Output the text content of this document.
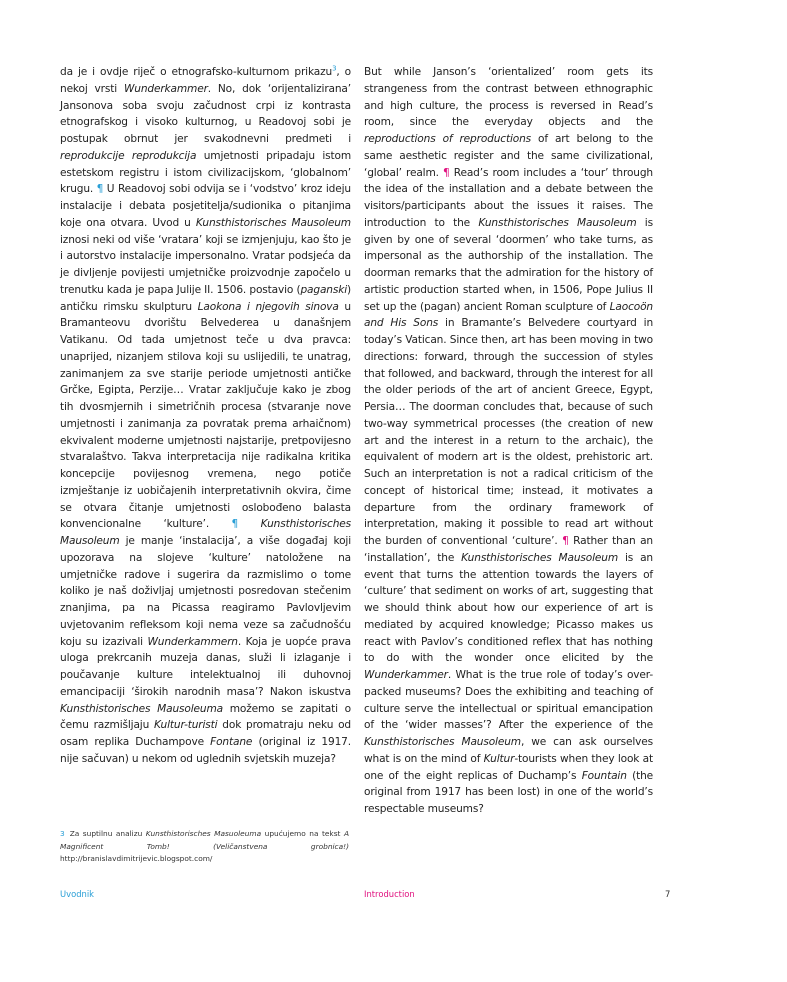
da je i ovdje riječ o etnografsko-kulturnom prikazu$^3$, o nekoj vrsti Wunderkammer. No, dok ‘orijentalizirana’ Jansonova soba svoju začudnost crpi iz kontrasta etnografskog i visoko kulturnog, u Readovoj sobi je postupak obrnut jer svakodnevni predmeti i reprodukcije reprodukcija umjetnosti pripadaju istom estetskom registru i istom civilizacijskom, ‘globalnom’ krugu. ¶ U Readovoj sobi odvija se i ‘vodstvo’ kroz ideju instalacije i debata posjetitelja/sudionika o pitanjima koje ona otvara. Uvod u Kunsthistorisches Mausoleum iznosi neki od više ‘vratara’ koji se izmjenjuju, kao što je i autorstvo instalacije impersonalno. Vratar podsjeća da je divljenje povijesti umjetničke proizvodnje započelo u trenutku kada je papa Julije II. 1506. postavio (paganski) antičku rimsku skulpturu Laokona i njegovih sinova u Bramanteovu dvorištu Belvederea u današnjem Vatikanu. Od tada umjetnost teče u dva pravca: unaprijed, nizanjem stilova koji su uslijedili, te unatrag, zanimanjem za sve starije periode umjetnosti antičke Grčke, Egipta, Perzije… Vratar zaključuje kako je zbog tih dvosmjernih i simetričnih procesa (stvaranje nove umjetnosti i zanimanja za povratak prema arhaičnom) ekvivalent moderne umjetnosti najstarije, pretpovijesno stvaralaštvo. Takva interpretacija nije radikalna kritika koncepcije povijesnog vremena, nego potiče izmještanje iz uobičajenih interpretativnih okvira, čime se otvara čitanje umjetnosti oslobođeno balasta konvencionalne ‘kulture’. ¶ Kunsthistorisches Mausoleum je manje ‘instalacija’, a više događaj koji upozorava na slojeve ‘kulture’ natoložene na umjetničke radove i sugerira da razmislimo o tome koliko je naš doživljaj umjetnosti posredovan stečenim znanjima, pa na Picassa reagiramo Pavlovljevim uvjetovanim refleksom koji nema veze sa začudnošću koju su izazivali Wunderkammern. Koja je uopće prava uloga prekrcanih muzeja danas, služi li izlaganje i poučavanje kulture intelektualnoj ili duhovnoj emancipaciji ‘širokih narodnih masa’? Nakon iskustva Kunsthistorisches Mausoleuma možemo se zapitati o čemu razmišljaju Kultur-turisti dok promatraju neku od osam replika Duchampove Fontane (original iz 1917. nije sačuvan) u nekom od uglednih svjetskih muzeja?

But while Janson’s ‘orientalized’ room gets its strangeness from the contrast between ethnographic and high culture, the process is reversed in Read’s room, since the everyday objects and the reproductions of reproductions of art belong to the same aesthetic register and the same civilizational, ‘global’ realm. ¶ Read’s room includes a ‘tour’ through the idea of the installation and a debate between the visitors/participants about the issues it raises. The introduction to the Kunsthistorisches Mausoleum is given by one of several ‘doormen’ who take turns, as impersonal as the authorship of the installation. The doorman remarks that the admiration for the history of artistic production started when, in 1506, Pope Julius II set up the (pagan) ancient Roman sculpture of Laocoön and His Sons in Bramante’s Belvedere courtyard in today’s Vatican. Since then, art has been moving in two directions: forward, through the succession of styles that followed, and backward, through the interest for all the older periods of the art of ancient Greece, Egypt, Persia… The doorman concludes that, because of such two-way symmetrical processes (the creation of new art and the interest in a return to the archaic), the equivalent of modern art is the oldest, prehistoric art. Such an interpretation is not a radical criticism of the concept of historical time; instead, it motivates a departure from the ordinary framework of interpretation, making it possible to read art without the burden of conventional ‘culture’. ¶ Rather than an ‘installation’, the Kunsthistorisches Mausoleum is an event that turns the attention towards the layers of ‘culture’ that sediment on works of art, suggesting that we should think about how our experience of art is mediated by acquired knowledge; Picasso makes us react with Pavlov’s conditioned reflex that has nothing to do with the wonder once elicited by the Wunderkammer. What is the true role of today’s over-packed museums? Does the exhibiting and teaching of culture serve the intellectual or spiritual emancipation of the ‘wider masses’? After the experience of the Kunsthistorisches Mausoleum, we can ask ourselves what is on the mind of Kultur-tourists when they look at one of the eight replicas of Duchamp’s Fountain (the original from 1917 has been lost) in one of the world’s respectable museums?

3 Za suptilnu analizu Kunsthistorisches Masuoleuma upućujemo na tekst A Magnificent Tomb! (Veličanstvena grobnica!) http://branislavdimitrijevic.blogspot.com/

Uvodnik	Introduction	7
